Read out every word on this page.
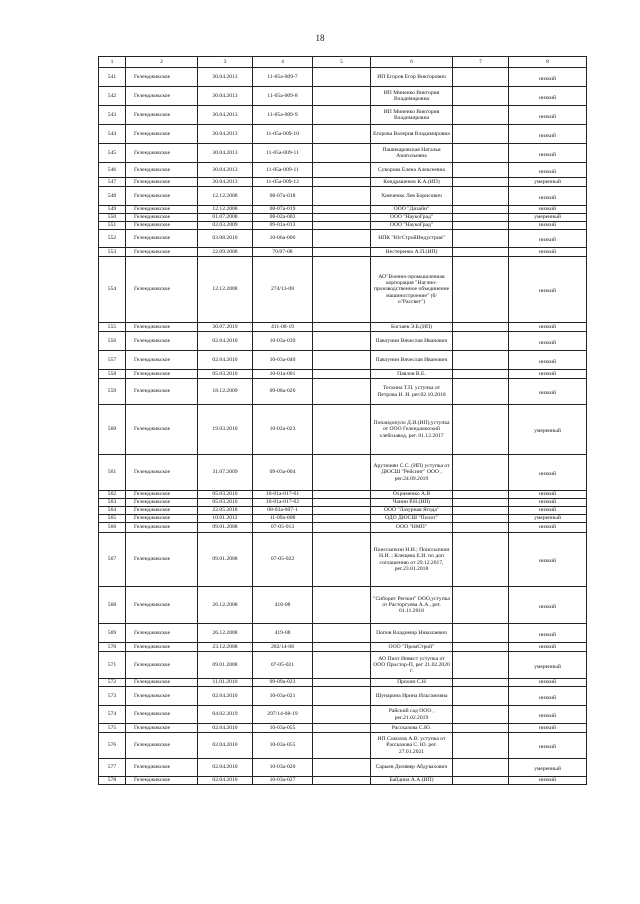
18
1	2	3	4	5	6	7	8
541	Геленджикское	30.04.2013	11-05а-009-7		ИП Егоров Егор Викторович		низкий

542	Геленджикское	30.04.2013	11-05а-009-8		ИП Минеико Виктория Владимировна		низкий

543	Геленджикское	30.04.2013	11-05а-009-9		ИП Минеико Виктория Владимировна		низкий

544	Геленджикское	30.04.2013	11-05а-009-10		Егорова Валерия Владимировна		низкий

545	Геленджикское	30.04.2013	11-05а-009-11		Пашнкаровская Наталья Анатольевна		низкий

546	Геленджикское	30.04.2013	11-05а-009-11		Суворова Елена Алексеевна		низкий

547	Геленджикское	30.04.2013	11-05а-009-12		Кондрашенок К.А.(ИП)		умеренный

548	Геленджикское	12.12.2008	08-07а-018		Хомченко Лев Борисович		низкий

549	Геленджикское	12.12.2008	08-07а-019		ООО "Дизайн"		низкий

550	Геленджикское	01.07.2008	08-02а-003		ООО "НаукоГрад"		умеренный

551	Геленджикское	02.03.2009	09-01а-013		ООО "НаукоГрад"		низкий

552	Геленджикское	03.08.2010	10-06а-006		НПК "ЮгСтройИндустрия"		низкий

553	Геленджикское	22.09.2008	70/07-08		Нестеренко А.П.(ИП)		низкий

554	Геленджикское	12.12.2008	274/13-08		АО"Военно-промышленная корпорация "Научно-производственное объединение машиностроение" (б/о"Рассвет")		низкий

555	Геленджикское	30.07.2019	411-08-19		Богзаев Э.Б.(ИП)		низкий

556	Геленджикское	02.04.2010	10-03а-039		Павлунин Вячеслав Иванович		низкий

557	Геленджикское	02.04.2010	10-03а-040		Павлунин Вячеслав Иванович		низкий

558	Геленджикское	05.03.2010	10-01а-001		Павлов В.Е.		низкий

559	Геленджикское	18.12.2009	09-08а-026		Тескина Т.П. уступка от Петрова Н. И. рег.02.10.2018		низкий

560	Геленджикское	19.03.2010	10-02а-023		Попандопуло Д.И.(ИП),уступка от ООО Геленджикский хлебозавод, рег. 01.12.2017		умеренный

561	Геленджикское	31.07.2009	09-03а-004		Арутюнян С.С. (ИП) уступка от ДЮСШ "Рейсинг" ООО , рег.24.09.2019		низкий

562	Геленджикское	05.03.2010	10-01а-017-01		Охрименко А.В		низкий

563	Геленджикское	05.03.2010	10-01а-017-02		Чанин Р.Н.(ИП)		низкий

564	Геленджикское	22.05.2018	08-03а-007-1		ООО "Лазурная Ягода"		низкий

565	Геленджикское	10.01.2012	11-09а-008		ОДО ДЮСШ "Пилот"		умеренный

566	Геленджикское	09.01.2008	07-05-013		ООО "НМП"		низкий

567	Геленджикское	09.01.2008	07-05-022		Поиссыпкин Н.И.; Поиссыпкин Н.И. ; Клещева Е.И. по доп соглашению от 29.12.2017, рег.23.01.2018		низкий

568	Геленджикское	26.12.2008	418-08		"Сиборит Регион" ООО,уступка от Расторгуева А.А., рег. 01.11.2018		низкий

569	Геленджикское	26.12.2008	419-08		Попов Владимир Николаевич		низкий

570	Геленджикское	23.12.2008	282/14-08		ООО "ПромСтрой"		низкий

571	Геленджикское	09.01.2008	07-05-021		АО Пиот Инвест уступка от ООО Простор-П, рег 21.02.2020 г.		умеренный

572	Геленджикское	11.01.2010	09-09а-023		Прохин С.Н		низкий

573	Геленджикское	02.04.2010	10-03а-021		Шунарина Ирина Ильгамовна		низкий

574	Геленджикское	04.02.2019	297/14-08-19		Райский сад ООО , рег.21.02.2019		низкий

575	Геленджикское	02.04.2010	10-03а-055		Рассказова С.Ю.		низкий

576	Геленджикское	02.04.2010	10-03а-055		ИП Соколов А.В. уступка от Рассказова С. Ю. рег. 27.01.2021		низкий

577	Геленджикское	02.04.2010	10-03а-020		Сарыев Дилявер Абдувахович		умеренный

578	Геленджикское	02.04.2010	10-03а-027		Байдина А.А.(ИП)		низкий
